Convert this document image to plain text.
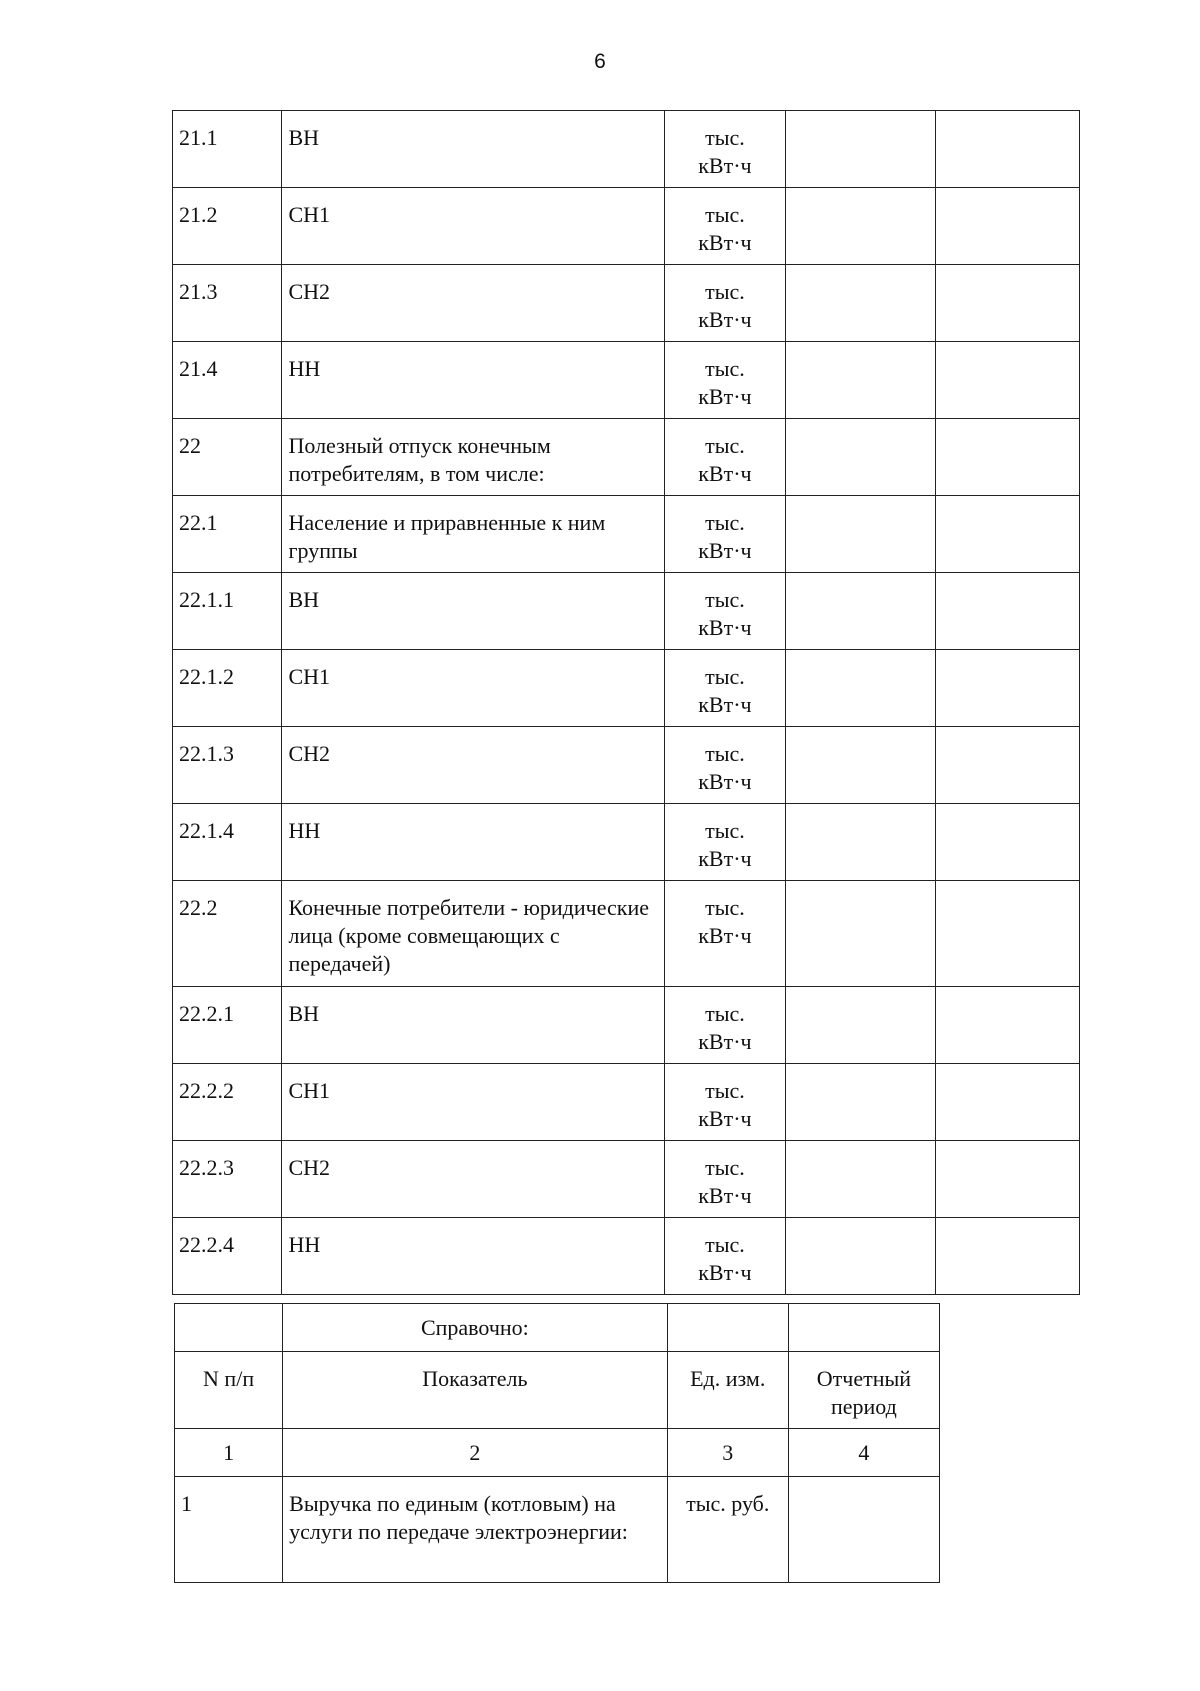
6
21.1	ВН	тыс.
кВт·ч		
21.2	СН1	тыс.
кВт·ч		
21.3	СН2	тыс.
кВт·ч		
21.4	НН	тыс.
кВт·ч		
22	Полезный отпуск конечным потребителям, в том числе:	тыс.
кВт·ч		
22.1	Население и приравненные к ним группы	тыс.
кВт·ч		
22.1.1	ВН	тыс.
кВт·ч		
22.1.2	СН1	тыс.
кВт·ч		
22.1.3	СН2	тыс.
кВт·ч		
22.1.4	НН	тыс.
кВт·ч		
22.2	Конечные потребители - юридические лица (кроме совмещающих с передачей)	тыс.
кВт·ч		
22.2.1	ВН	тыс.
кВт·ч		
22.2.2	СН1	тыс.
кВт·ч		
22.2.3	СН2	тыс.
кВт·ч		
22.2.4	НН	тыс.
кВт·ч		
	Справочно:		
N п/п	Показатель	Ед. изм.	Отчетный
период
1	2	3	4
1	Выручка по единым (котловым) на услуги по передаче электроэнергии:	тыс. руб.	
